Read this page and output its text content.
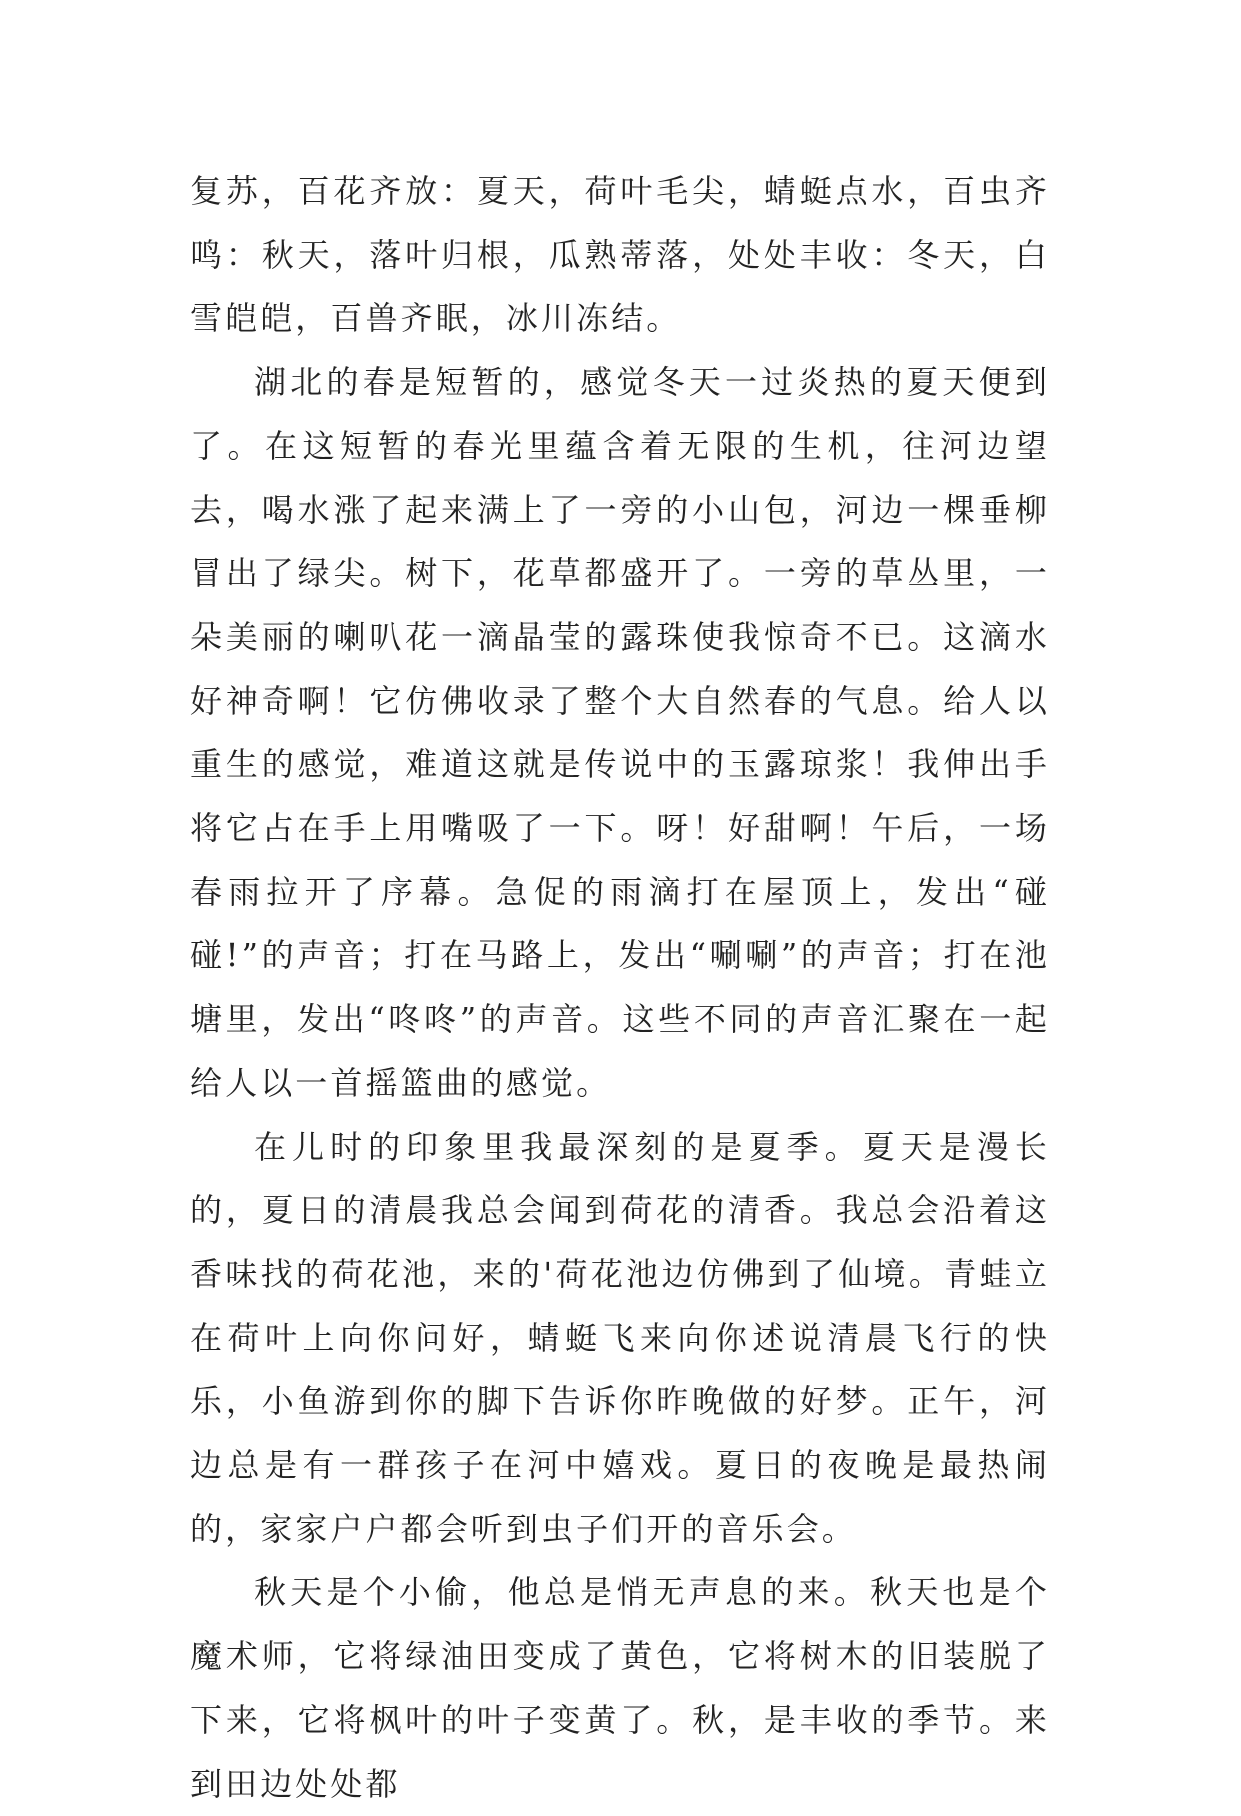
复苏，百花齐放：夏天，荷叶毛尖，蜻蜓点水，百虫齐鸣：秋天，落叶归根，瓜熟蒂落，处处丰收：冬天，白雪皑皑，百兽齐眠，冰川冻结。

湖北的春是短暂的，感觉冬天一过炎热的夏天便到了。在这短暂的春光里蕴含着无限的生机，往河边望去，喝水涨了起来满上了一旁的小山包，河边一棵垂柳冒出了绿尖。树下，花草都盛开了。一旁的草丛里，一朵美丽的喇叭花一滴晶莹的露珠使我惊奇不已。这滴水好神奇啊！它仿佛收录了整个大自然春的气息。给人以重生的感觉，难道这就是传说中的玉露琼浆！我伸出手将它占在手上用嘴吸了一下。呀！好甜啊！午后，一场春雨拉开了序幕。急促的雨滴打在屋顶上，发出“碰碰!”的声音；打在马路上，发出“唰唰”的声音；打在池塘里，发出“咚咚”的声音。这些不同的声音汇聚在一起给人以一首摇篮曲的感觉。

在儿时的印象里我最深刻的是夏季。夏天是漫长的，夏日的清晨我总会闻到荷花的清香。我总会沿着这香味找的荷花池，来的'荷花池边仿佛到了仙境。青蛙立在荷叶上向你问好，蜻蜓飞来向你述说清晨飞行的快乐，小鱼游到你的脚下告诉你昨晚做的好梦。正午，河边总是有一群孩子在河中嬉戏。夏日的夜晚是最热闹的，家家户户都会听到虫子们开的音乐会。

秋天是个小偷，他总是悄无声息的来。秋天也是个魔术师，它将绿油田变成了黄色，它将树木的旧装脱了下来，它将枫叶的叶子变黄了。秋，是丰收的季节。来到田边处处都
